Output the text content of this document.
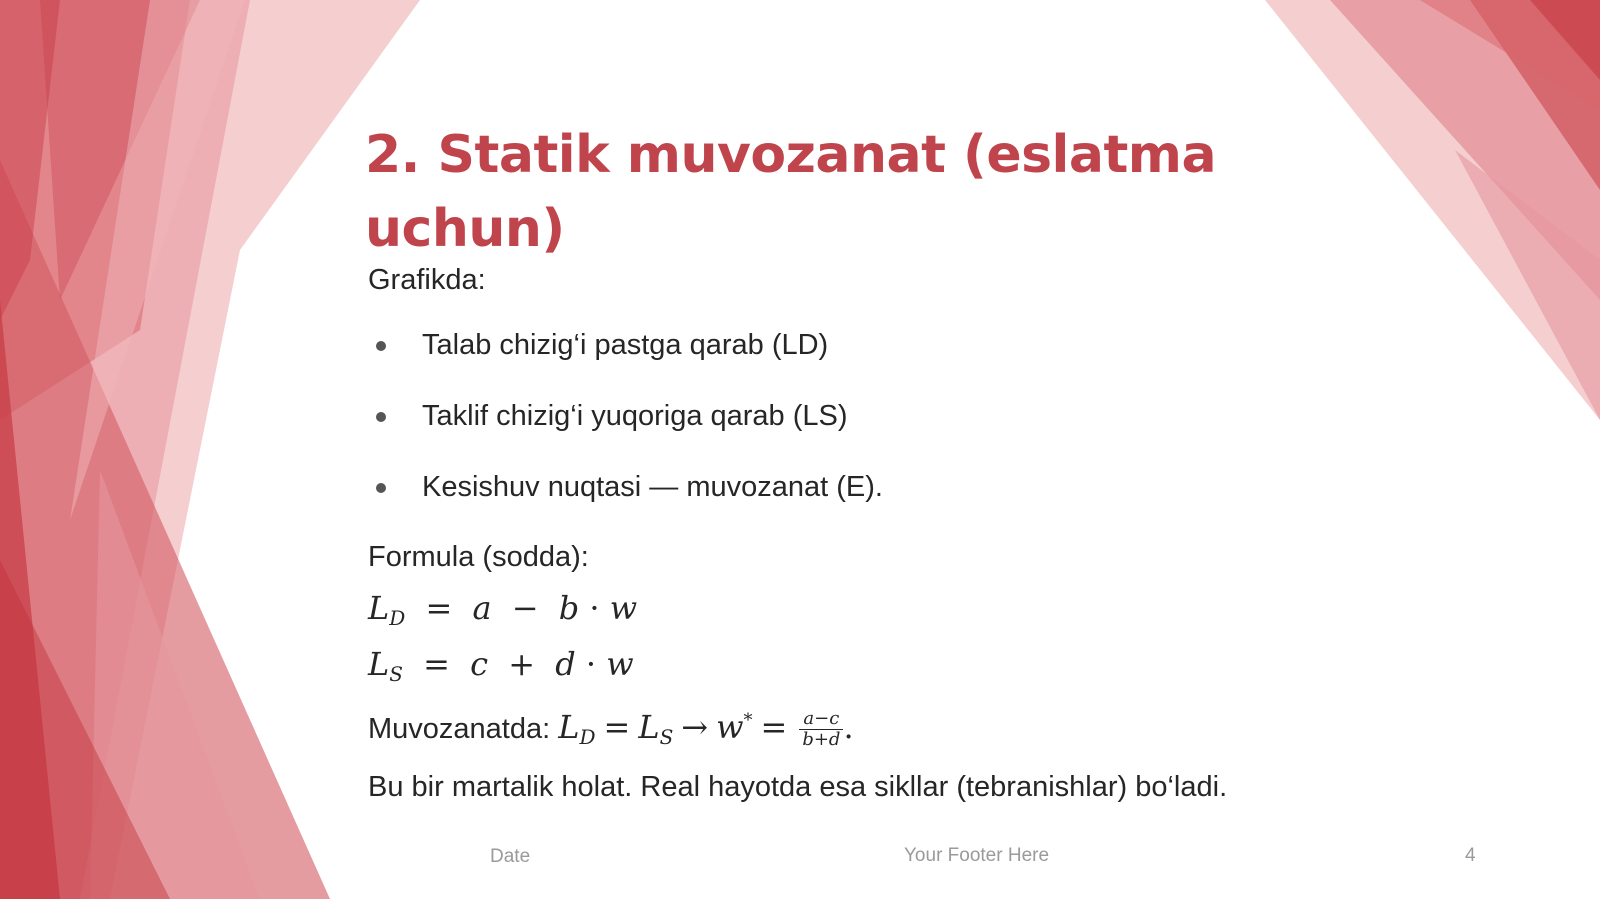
2. Statik muvozanat (eslatma uchun)

Grafikda:

Talab chizig‘i pastga qarab (LD)
Taklif chizig‘i yuqoriga qarab (LS)
Kesishuv nuqtasi — muvozanat (E).

Formula (sodda):

$L_D = a - b \cdot w$
$L_S = c + d \cdot w$
Muvozanatda: $L_D = L_S \to w^* = \frac{a-c}{b+d}$ .

Bu bir martalik holat. Real hayotda esa sikllar (tebranishlar) bo‘ladi.

Date	Your Footer Here	4
